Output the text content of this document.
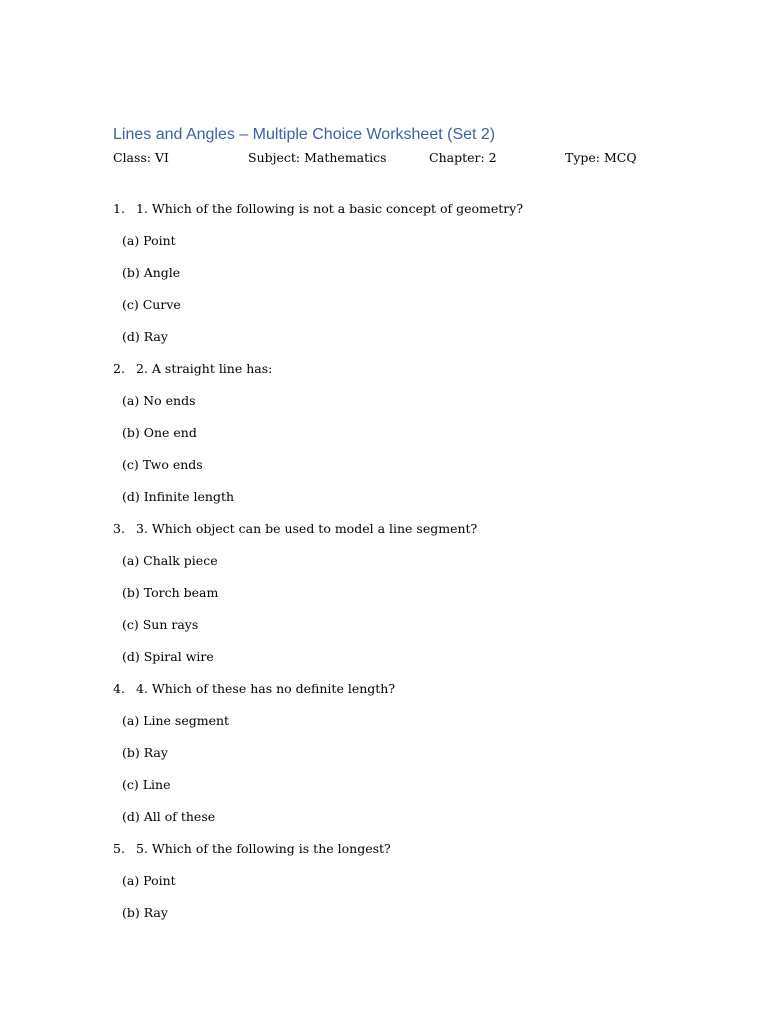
Lines and Angles – Multiple Choice Worksheet (Set 2)
Class: VI	Subject: Mathematics	Chapter: 2	Type: MCQ
1. 1. Which of the following is not a basic concept of geometry?
(a) Point
(b) Angle
(c) Curve
(d) Ray
2. 2. A straight line has:
(a) No ends
(b) One end
(c) Two ends
(d) Infinite length
3. 3. Which object can be used to model a line segment?
(a) Chalk piece
(b) Torch beam
(c) Sun rays
(d) Spiral wire
4. 4. Which of these has no definite length?
(a) Line segment
(b) Ray
(c) Line
(d) All of these
5. 5. Which of the following is the longest?
(a) Point
(b) Ray
